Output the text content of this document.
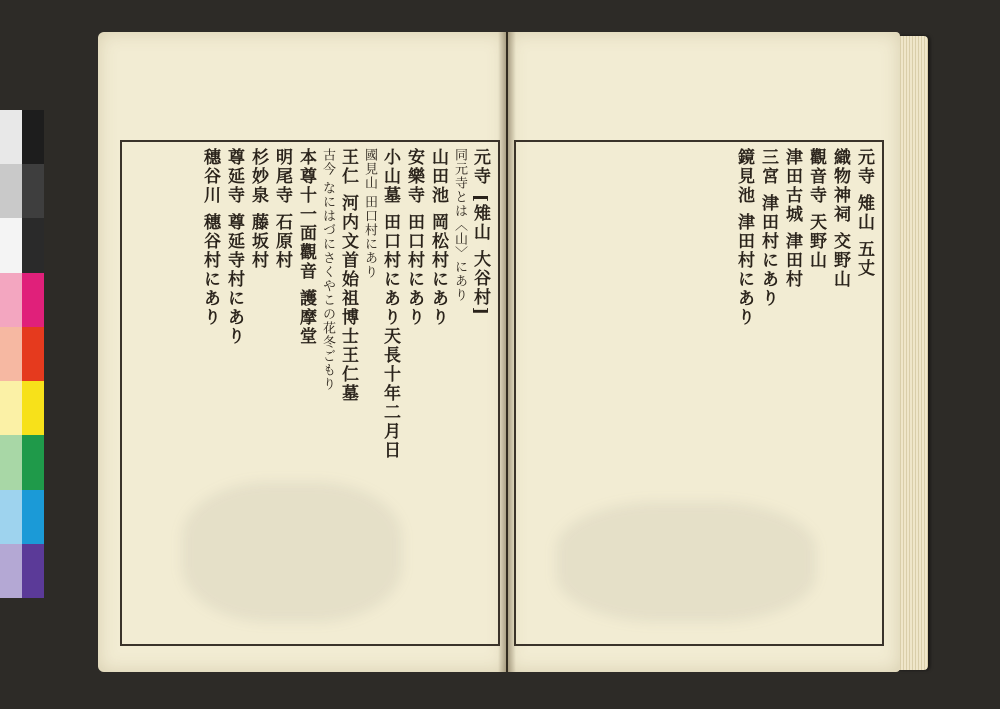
元寺 [雉山 大谷村]
同元寺とは〈山〉にあり
山田池 岡松村にあり
安樂寺 田口村にあり
小山墓 田口村にあり天長十年二月日
國見山 田口村にあり
王仁 河内文首始祖博士王仁墓
古今 なにはづにさくやこの花冬ごもり
本尊十一面觀音 護摩堂
明尾寺 石原村
杉妙泉 藤坂村
尊延寺 尊延寺村にあり
穗谷川 穗谷村にあり	元寺 雉山 五丈
織物神祠 交野山
觀音寺 天野山
津田古城 津田村
三宮 津田村にあり
鏡見池 津田村にあり
